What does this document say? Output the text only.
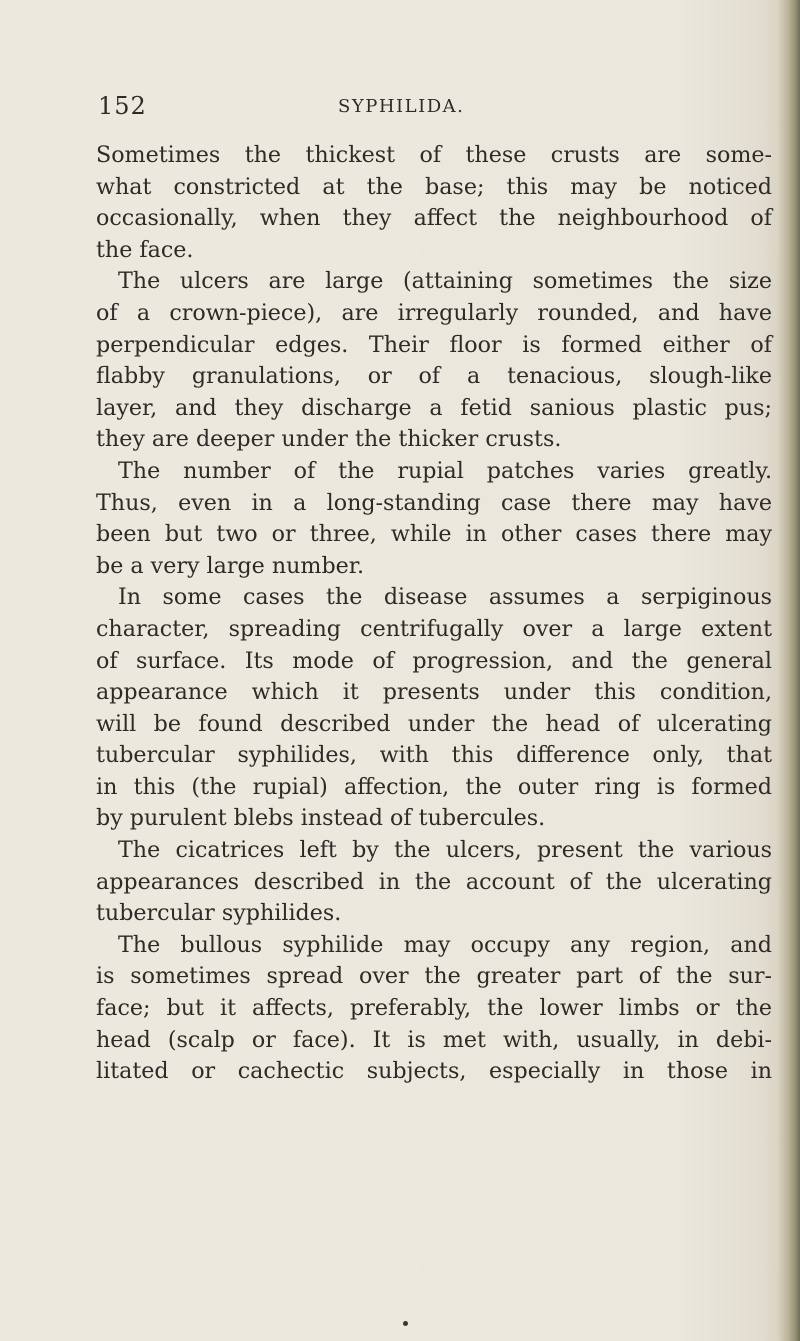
152	SYPHILIDA.
Sometimes the thickest of these crusts are some-
what constricted at the base; this may be noticed
occasionally, when they affect the neighbourhood of
the face.
The ulcers are large (attaining sometimes the size
of a crown-piece), are irregularly rounded, and have
perpendicular edges. Their floor is formed either of
flabby granulations, or of a tenacious, slough-like
layer, and they discharge a fetid sanious plastic pus;
they are deeper under the thicker crusts.
The number of the rupial patches varies greatly.
Thus, even in a long-standing case there may have
been but two or three, while in other cases there may
be a very large number.
In some cases the disease assumes a serpiginous
character, spreading centrifugally over a large extent
of surface. Its mode of progression, and the general
appearance which it presents under this condition,
will be found described under the head of ulcerating
tubercular syphilides, with this difference only, that
in this (the rupial) affection, the outer ring is formed
by purulent blebs instead of tubercules.
The cicatrices left by the ulcers, present the various
appearances described in the account of the ulcerating
tubercular syphilides.
The bullous syphilide may occupy any region, and
is sometimes spread over the greater part of the sur-
face; but it affects, preferably, the lower limbs or the
head (scalp or face). It is met with, usually, in debi-
litated or cachectic subjects, especially in those in
